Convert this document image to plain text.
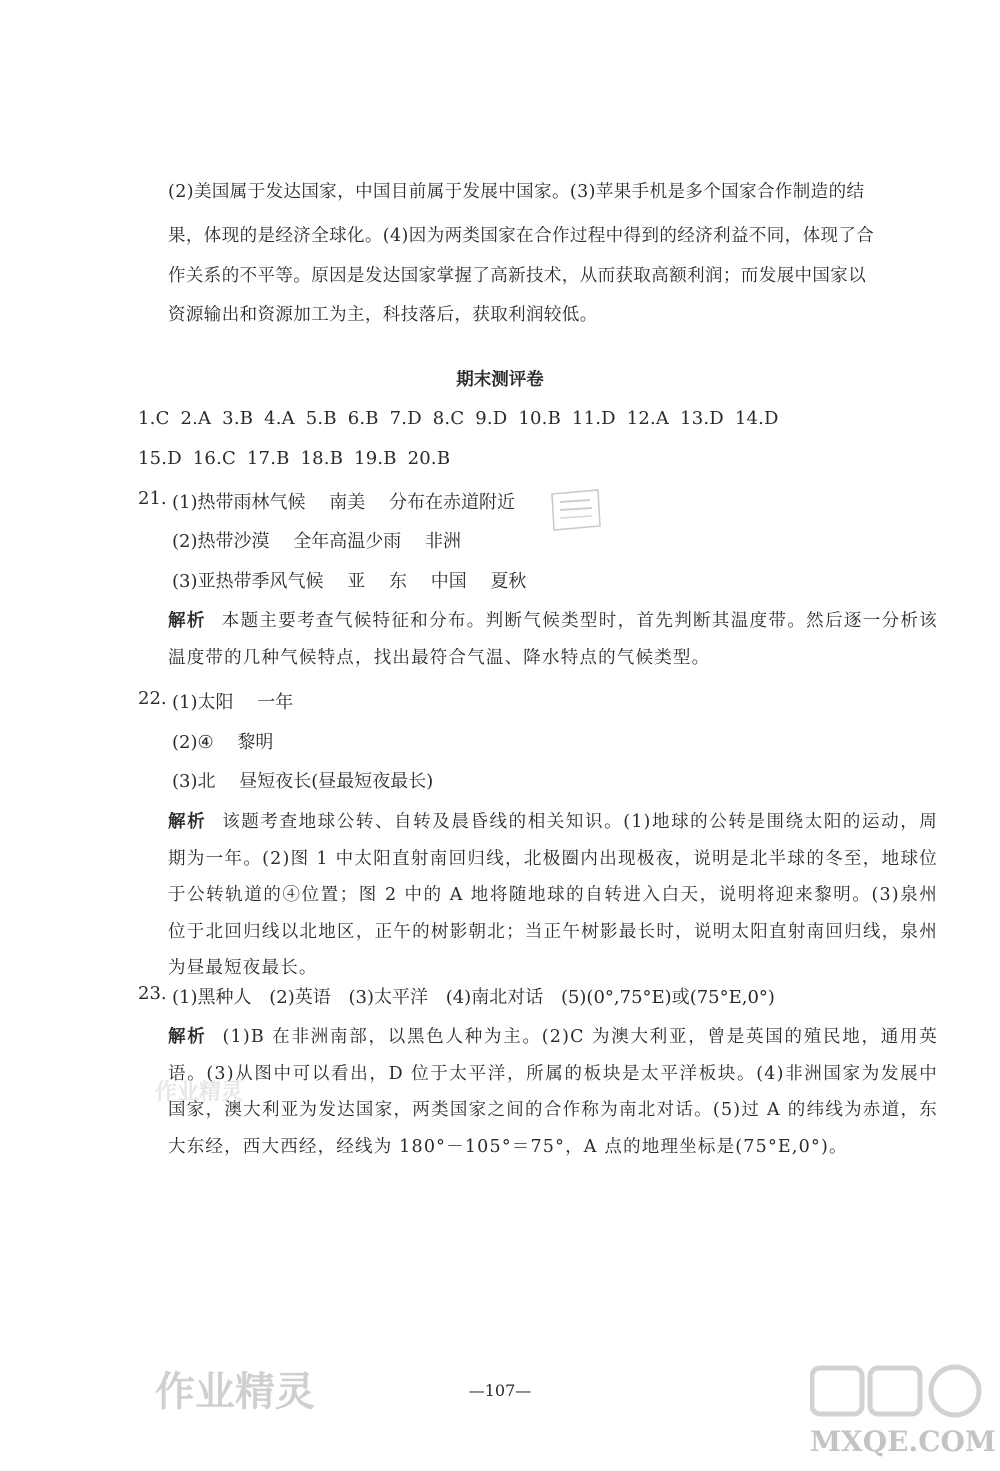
(2)美国属于发达国家，中国目前属于发展中国家。(3)苹果手机是多个国家合作制造的结
果，体现的是经济全球化。(4)因为两类国家在合作过程中得到的经济利益不同，体现了合
作关系的不平等。原因是发达国家掌握了高新技术，从而获取高额利润；而发展中国家以
资源输出和资源加工为主，科技落后，获取利润较低。
期末测评卷
1.C 2.A 3.B 4.A 5.B 6.B 7.D 8.C 9.D 10.B 11.D 12.A 13.D 14.D
15.D 16.C 17.B 18.B 19.B 20.B
21. (1)热带雨林气候 南美 分布在赤道附近
(2)热带沙漠 全年高温少雨 非洲
(3)亚热带季风气候 亚 东 中国 夏秋
解析 本题主要考查气候特征和分布。判断气候类型时，首先判断其温度带。然后逐一分析该温度带的几种气候特点，找出最符合气温、降水特点的气候类型。
22. (1)太阳 一年
(2)④ 黎明
(3)北 昼短夜长(昼最短夜最长)
解析 该题考查地球公转、自转及晨昏线的相关知识。(1)地球的公转是围绕太阳的运动，周期为一年。(2)图 1 中太阳直射南回归线，北极圈内出现极夜，说明是北半球的冬至，地球位于公转轨道的④位置；图 2 中的 A 地将随地球的自转进入白天，说明将迎来黎明。(3)泉州位于北回归线以北地区，正午的树影朝北；当正午树影最长时，说明太阳直射南回归线，泉州为昼最短夜最长。
23. (1)黑种人 (2)英语 (3)太平洋 (4)南北对话 (5)(0°,75°E)或(75°E,0°)
解析 (1)B 在非洲南部，以黑色人种为主。(2)C 为澳大利亚，曾是英国的殖民地，通用英语。(3)从图中可以看出，D 位于太平洋，所属的板块是太平洋板块。(4)非洲国家为发展中国家，澳大利亚为发达国家，两类国家之间的合作称为南北对话。(5)过 A 的纬线为赤道，东大东经，西大西经，经线为 180°－105°＝75°，A 点的地理坐标是(75°E,0°)。
作业精灵
作业精灵
MXQE.COM
—107—
